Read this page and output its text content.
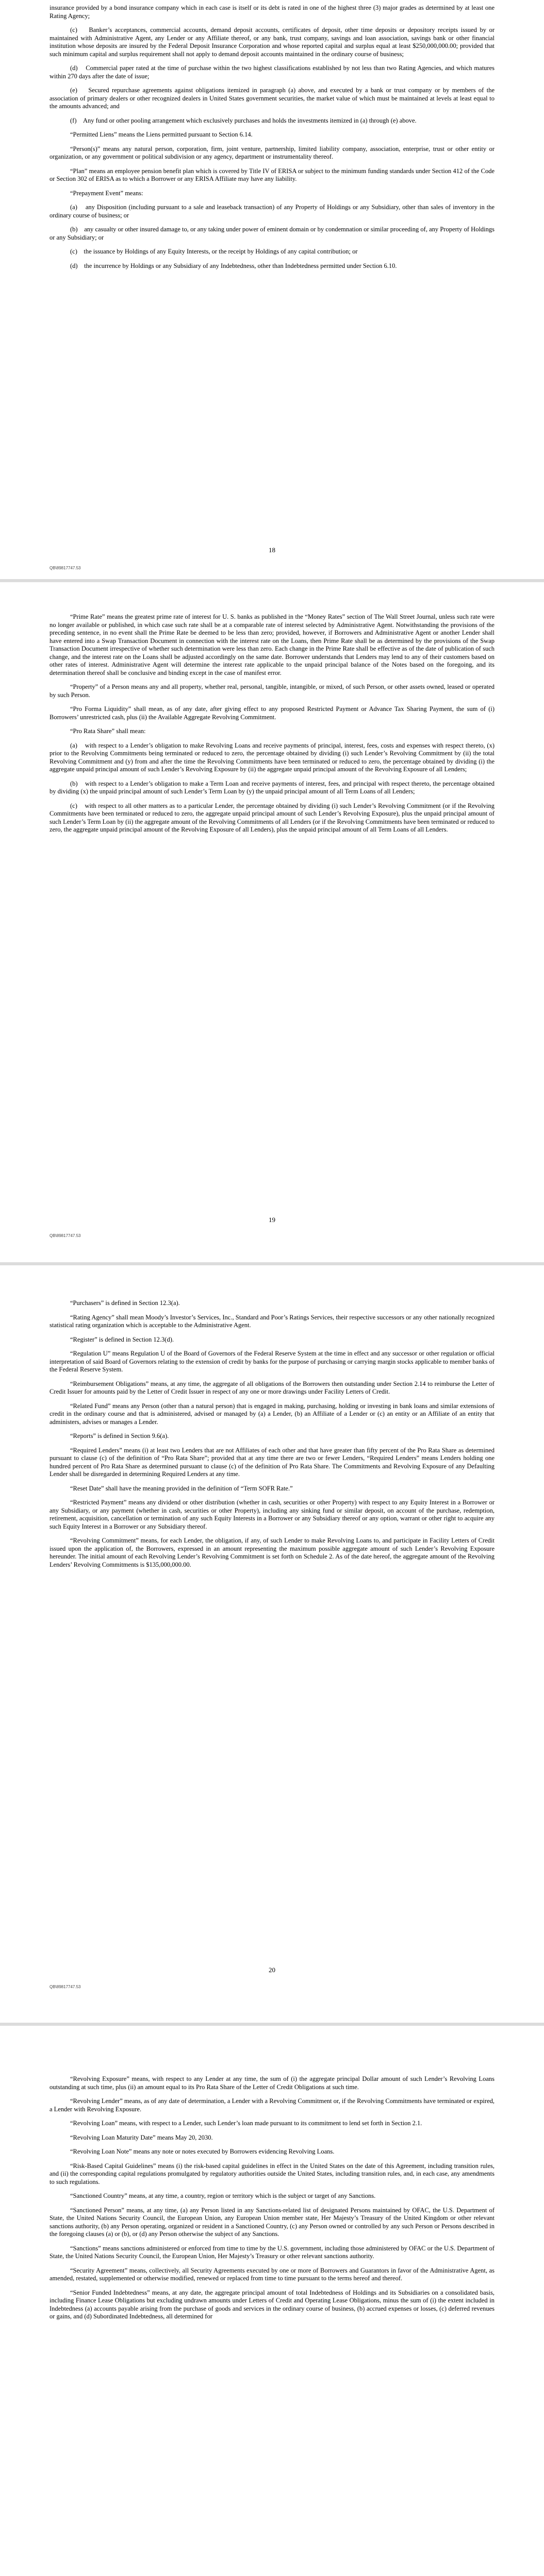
insurance provided by a bond insurance company which in each case is itself or its debt is rated in one of the highest three (3) major grades as determined by at least one Rating Agency;

(c)    Banker’s acceptances, commercial accounts, demand deposit accounts, certificates of deposit, other time deposits or depository receipts issued by or maintained with Administrative Agent, any Lender or any Affiliate thereof, or any bank, trust company, savings and loan association, savings bank or other financial institution whose deposits are insured by the Federal Deposit Insurance Corporation and whose reported capital and surplus equal at least $250,000,000.00; provided that such minimum capital and surplus requirement shall not apply to demand deposit accounts maintained in the ordinary course of business;

(d)    Commercial paper rated at the time of purchase within the two highest classifications established by not less than two Rating Agencies, and which matures within 270 days after the date of issue;

(e)    Secured repurchase agreements against obligations itemized in paragraph (a) above, and executed by a bank or trust company or by members of the association of primary dealers or other recognized dealers in United States government securities, the market value of which must be maintained at levels at least equal to the amounts advanced; and

(f)    Any fund or other pooling arrangement which exclusively purchases and holds the investments itemized in (a) through (e) above.

“Permitted Liens” means the Liens permitted pursuant to Section 6.14.

“Person(s)” means any natural person, corporation, firm, joint venture, partnership, limited liability company, association, enterprise, trust or other entity or organization, or any government or political subdivision or any agency, department or instrumentality thereof.

“Plan” means an employee pension benefit plan which is covered by Title IV of ERISA or subject to the minimum funding standards under Section 412 of the Code or Section 302 of ERISA as to which a Borrower or any ERISA Affiliate may have any liability.

“Prepayment Event” means:

(a)    any Disposition (including pursuant to a sale and leaseback transaction) of any Property of Holdings or any Subsidiary, other than sales of inventory in the ordinary course of business; or

(b)    any casualty or other insured damage to, or any taking under power of eminent domain or by condemnation or similar proceeding of, any Property of Holdings or any Subsidiary; or

(c)    the issuance by Holdings of any Equity Interests, or the receipt by Holdings of any capital contribution; or

(d)    the incurrence by Holdings or any Subsidiary of any Indebtedness, other than Indebtedness permitted under Section 6.10.

18
QB\89817747.53

“Prime Rate” means the greatest prime rate of interest for U. S. banks as published in the “Money Rates” section of The Wall Street Journal, unless such rate were no longer available or published, in which case such rate shall be at a comparable rate of interest selected by Administrative Agent. Notwithstanding the provisions of the preceding sentence, in no event shall the Prime Rate be deemed to be less than zero; provided, however, if Borrowers and Administrative Agent or another Lender shall have entered into a Swap Transaction Document in connection with the interest rate on the Loans, then Prime Rate shall be as determined by the provisions of the Swap Transaction Document irrespective of whether such determination were less than zero. Each change in the Prime Rate shall be effective as of the date of publication of such change, and the interest rate on the Loans shall be adjusted accordingly on the same date. Borrower understands that Lenders may lend to any of their customers based on other rates of interest. Administrative Agent will determine the interest rate applicable to the unpaid principal balance of the Notes based on the foregoing, and its determination thereof shall be conclusive and binding except in the case of manifest error.

“Property” of a Person means any and all property, whether real, personal, tangible, intangible, or mixed, of such Person, or other assets owned, leased or operated by such Person.

“Pro Forma Liquidity” shall mean, as of any date, after giving effect to any proposed Restricted Payment or Advance Tax Sharing Payment, the sum of (i) Borrowers’ unrestricted cash, plus (ii) the Available Aggregate Revolving Commitment.

“Pro Rata Share” shall mean:

(a)    with respect to a Lender’s obligation to make Revolving Loans and receive payments of principal, interest, fees, costs and expenses with respect thereto, (x) prior to the Revolving Commitments being terminated or reduced to zero, the percentage obtained by dividing (i) such Lender’s Revolving Commitment by (ii) the total Revolving Commitment and (y) from and after the time the Revolving Commitments have been terminated or reduced to zero, the percentage obtained by dividing (i) the aggregate unpaid principal amount of such Lender’s Revolving Exposure by (ii) the aggregate unpaid principal amount of the Revolving Exposure of all Lenders;

(b)    with respect to a Lender’s obligation to make a Term Loan and receive payments of interest, fees, and principal with respect thereto, the percentage obtained by dividing (x) the unpaid principal amount of such Lender’s Term Loan by (y) the unpaid principal amount of all Term Loans of all Lenders;

(c)    with respect to all other matters as to a particular Lender, the percentage obtained by dividing (i) such Lender’s Revolving Commitment (or if the Revolving Commitments have been terminated or reduced to zero, the aggregate unpaid principal amount of such Lender’s Revolving Exposure), plus the unpaid principal amount of such Lender’s Term Loan by (ii) the aggregate amount of the Revolving Commitments of all Lenders (or if the Revolving Commitments have been terminated or reduced to zero, the aggregate unpaid principal amount of the Revolving Exposure of all Lenders), plus the unpaid principal amount of all Term Loans of all Lenders.

19
QB\89817747.53

“Purchasers” is defined in Section 12.3(a).

“Rating Agency” shall mean Moody’s Investor’s Services, Inc., Standard and Poor’s Ratings Services, their respective successors or any other nationally recognized statistical rating organization which is acceptable to the Administrative Agent.

“Register” is defined in Section 12.3(d).

“Regulation U” means Regulation U of the Board of Governors of the Federal Reserve System at the time in effect and any successor or other regulation or official interpretation of said Board of Governors relating to the extension of credit by banks for the purpose of purchasing or carrying margin stocks applicable to member banks of the Federal Reserve System.

“Reimbursement Obligations” means, at any time, the aggregate of all obligations of the Borrowers then outstanding under Section 2.14 to reimburse the Letter of Credit Issuer for amounts paid by the Letter of Credit Issuer in respect of any one or more drawings under Facility Letters of Credit.

“Related Fund” means any Person (other than a natural person) that is engaged in making, purchasing, holding or investing in bank loans and similar extensions of credit in the ordinary course and that is administered, advised or managed by (a) a Lender, (b) an Affiliate of a Lender or (c) an entity or an Affiliate of an entity that administers, advises or manages a Lender.

“Reports” is defined in Section 9.6(a).

“Required Lenders” means (i) at least two Lenders that are not Affiliates of each other and that have greater than fifty percent of the Pro Rata Share as determined pursuant to clause (c) of the definition of “Pro Rata Share”; provided that at any time there are two or fewer Lenders, “Required Lenders” means Lenders holding one hundred percent of Pro Rata Share as determined pursuant to clause (c) of the definition of Pro Rata Share. The Commitments and Revolving Exposure of any Defaulting Lender shall be disregarded in determining Required Lenders at any time.

“Reset Date” shall have the meaning provided in the definition of “Term SOFR Rate.”

“Restricted Payment” means any dividend or other distribution (whether in cash, securities or other Property) with respect to any Equity Interest in a Borrower or any Subsidiary, or any payment (whether in cash, securities or other Property), including any sinking fund or similar deposit, on account of the purchase, redemption, retirement, acquisition, cancellation or termination of any such Equity Interests in a Borrower or any Subsidiary thereof or any option, warrant or other right to acquire any such Equity Interest in a Borrower or any Subsidiary thereof.

“Revolving Commitment” means, for each Lender, the obligation, if any, of such Lender to make Revolving Loans to, and participate in Facility Letters of Credit issued upon the application of, the Borrowers, expressed in an amount representing the maximum possible aggregate amount of such Lender’s Revolving Exposure hereunder. The initial amount of each Revolving Lender’s Revolving Commitment is set forth on Schedule 2. As of the date hereof, the aggregate amount of the Revolving Lenders’ Revolving Commitments is $135,000,000.00.

20
QB\89817747.53

“Revolving Exposure” means, with respect to any Lender at any time, the sum of (i) the aggregate principal Dollar amount of such Lender’s Revolving Loans outstanding at such time, plus (ii) an amount equal to its Pro Rata Share of the Letter of Credit Obligations at such time.

“Revolving Lender” means, as of any date of determination, a Lender with a Revolving Commitment or, if the Revolving Commitments have terminated or expired, a Lender with Revolving Exposure.

“Revolving Loan” means, with respect to a Lender, such Lender’s loan made pursuant to its commitment to lend set forth in Section 2.1.

“Revolving Loan Maturity Date” means May 20, 2030.

“Revolving Loan Note” means any note or notes executed by Borrowers evidencing Revolving Loans.

“Risk-Based Capital Guidelines” means (i) the risk-based capital guidelines in effect in the United States on the date of this Agreement, including transition rules, and (ii) the corresponding capital regulations promulgated by regulatory authorities outside the United States, including transition rules, and, in each case, any amendments to such regulations.

“Sanctioned Country” means, at any time, a country, region or territory which is the subject or target of any Sanctions.

“Sanctioned Person” means, at any time, (a) any Person listed in any Sanctions-related list of designated Persons maintained by OFAC, the U.S. Department of State, the United Nations Security Council, the European Union, any European Union member state, Her Majesty’s Treasury of the United Kingdom or other relevant sanctions authority, (b) any Person operating, organized or resident in a Sanctioned Country, (c) any Person owned or controlled by any such Person or Persons described in the foregoing clauses (a) or (b), or (d) any Person otherwise the subject of any Sanctions.

“Sanctions” means sanctions administered or enforced from time to time by the U.S. government, including those administered by OFAC or the U.S. Department of State, the United Nations Security Council, the European Union, Her Majesty’s Treasury or other relevant sanctions authority.

“Security Agreement” means, collectively, all Security Agreements executed by one or more of Borrowers and Guarantors in favor of the Administrative Agent, as amended, restated, supplemented or otherwise modified, renewed or replaced from time to time pursuant to the terms hereof and thereof.

“Senior Funded Indebtedness” means, at any date, the aggregate principal amount of total Indebtedness of Holdings and its Subsidiaries on a consolidated basis, including Finance Lease Obligations but excluding undrawn amounts under Letters of Credit and Operating Lease Obligations, minus the sum of (i) the extent included in Indebtedness (a) accounts payable arising from the purchase of goods and services in the ordinary course of business, (b) accrued expenses or losses, (c) deferred revenues or gains, and (d) Subordinated Indebtedness, all determined for
